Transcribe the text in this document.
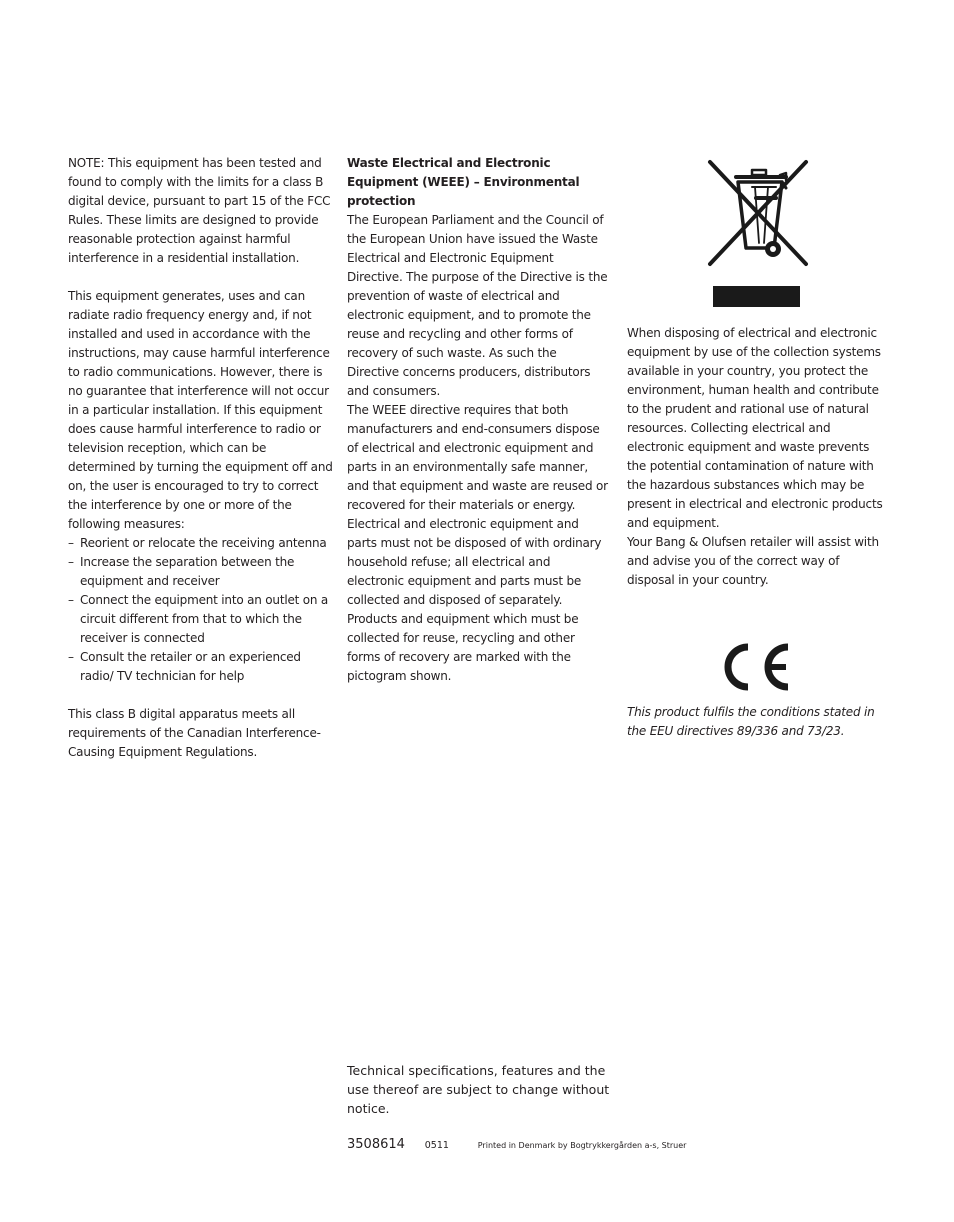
NOTE: This equipment has been tested and found to comply with the limits for a class B digital device, pursuant to part 15 of the FCC Rules. These limits are designed to provide reasonable protection against harmful interference in a residential installation.

This equipment generates, uses and can radiate radio frequency energy and, if not installed and used in accordance with the instructions, may cause harmful interference to radio communications. However, there is no guarantee that interference will not occur in a particular installation. If this equipment does cause harmful interference to radio or television reception, which can be determined by turning the equipment off and on, the user is encouraged to try to correct the interference by one or more of the following measures:

– Reorient or relocate the receiving antenna
– Increase the separation between the equipment and receiver
– Connect the equipment into an outlet on a circuit different from that to which the receiver is connected
– Consult the retailer or an experienced radio/ TV technician for help

This class B digital apparatus meets all requirements of the Canadian Interference-Causing Equipment Regulations.

Waste Electrical and Electronic Equipment (WEEE) – Environmental protection

The European Parliament and the Council of the European Union have issued the Waste Electrical and Electronic Equipment Directive. The purpose of the Directive is the prevention of waste of electrical and electronic equipment, and to promote the reuse and recycling and other forms of recovery of such waste. As such the Directive concerns producers, distributors and consumers.

The WEEE directive requires that both manufacturers and end-consumers dispose of electrical and electronic equipment and parts in an environmentally safe manner, and that equipment and waste are reused or recovered for their materials or energy.

Electrical and electronic equipment and parts must not be disposed of with ordinary household refuse; all electrical and electronic equipment and parts must be collected and disposed of separately.

Products and equipment which must be collected for reuse, recycling and other forms of recovery are marked with the pictogram shown.

When disposing of electrical and electronic equipment by use of the collection systems available in your country, you protect the environment, human health and contribute to the prudent and rational use of natural resources. Collecting electrical and electronic equipment and waste prevents the potential contamination of nature with the hazardous substances which may be present in electrical and electronic products and equipment.

Your Bang & Olufsen retailer will assist with and advise you of the correct way of disposal in your country.

This product fulfils the conditions stated in the EEU directives 89/336 and 73/23.

Technical specifications, features and the use thereof are subject to change without notice.

3508614 0511	Printed in Denmark by Bogtrykkergården a-s, Struer
